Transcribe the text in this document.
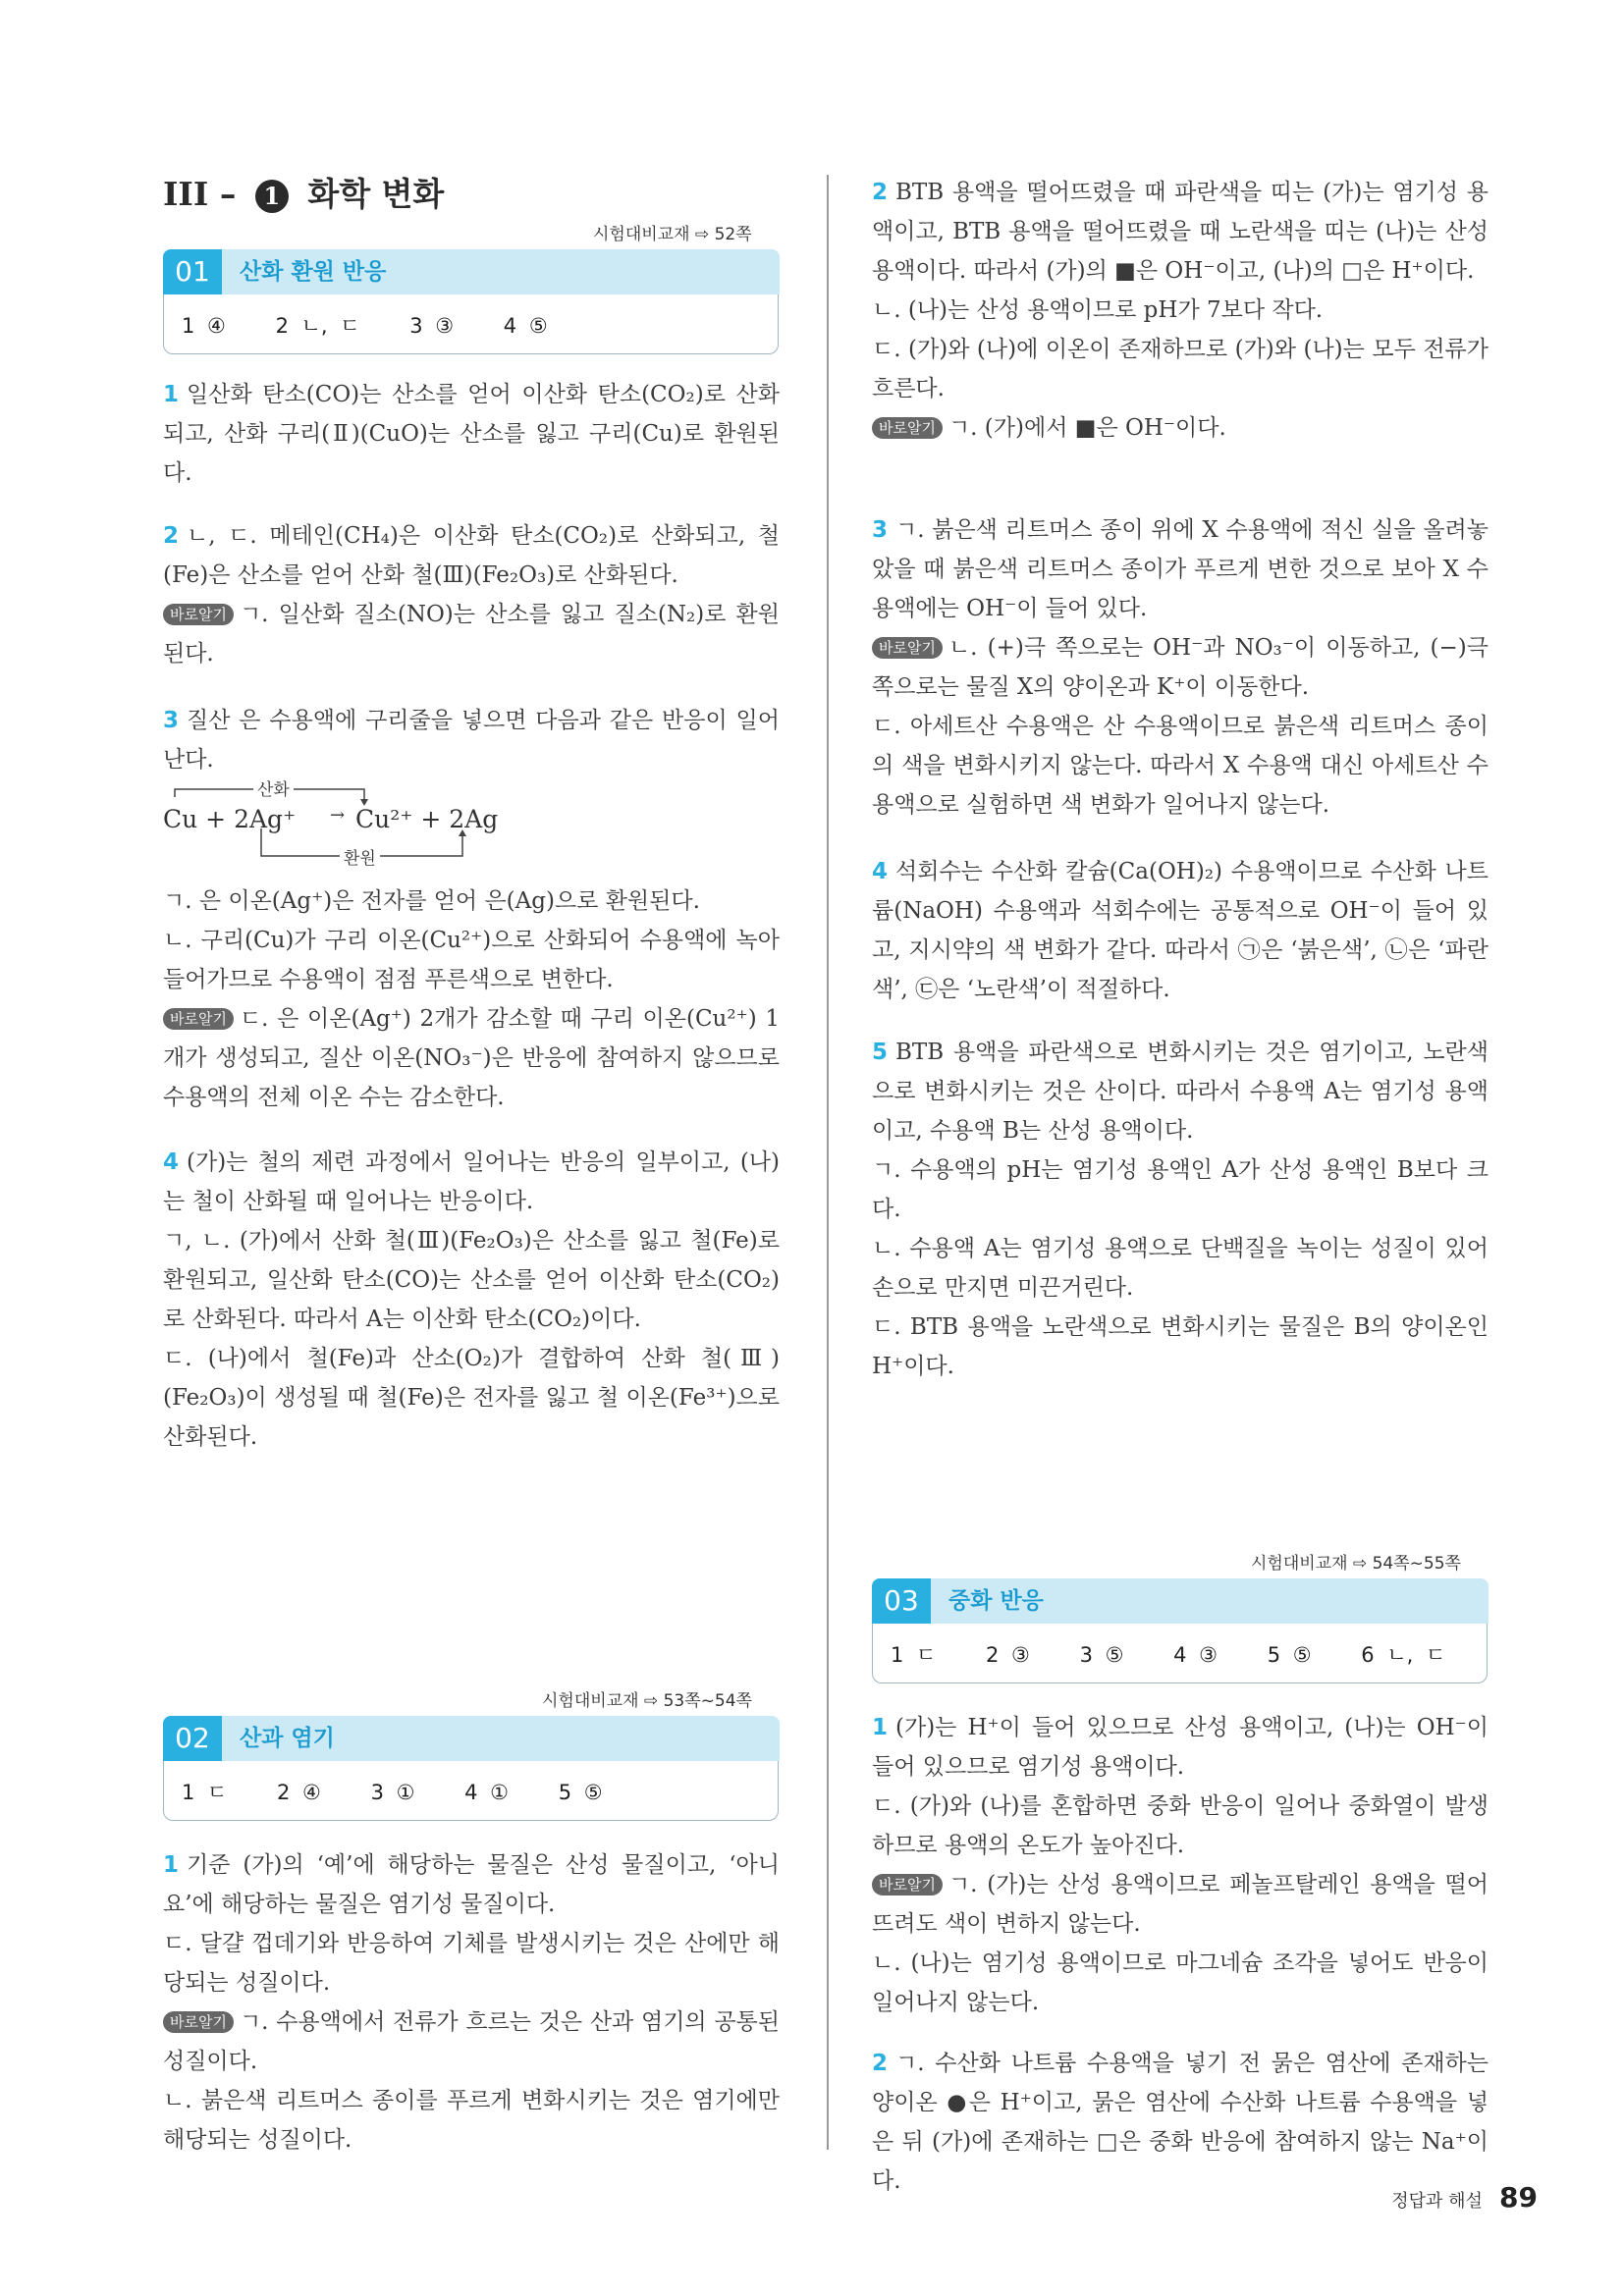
III – 1 화학 변화
시험대비교재 ⇨ 52쪽
01	산화 환원 반응
1 ④    2 ㄴ, ㄷ    3 ③    4 ⑤

1 일산화 탄소(CO)는 산소를 얻어 이산화 탄소(CO₂)로 산화되고, 산화 구리(Ⅱ)(CuO)는 산소를 잃고 구리(Cu)로 환원된다.

2 ㄴ, ㄷ. 메테인(CH₄)은 이산화 탄소(CO₂)로 산화되고, 철(Fe)은 산소를 얻어 산화 철(Ⅲ)(Fe₂O₃)로 산화된다.

바로알기 ㄱ. 일산화 질소(NO)는 산소를 잃고 질소(N₂)로 환원된다.

3 질산 은 수용액에 구리줄을 넣으면 다음과 같은 반응이 일어난다.

산화
환원
Cu + 2Ag⁺ → Cu²⁺ + 2Ag

ㄱ. 은 이온(Ag⁺)은 전자를 얻어 은(Ag)으로 환원된다.

ㄴ. 구리(Cu)가 구리 이온(Cu²⁺)으로 산화되어 수용액에 녹아 들어가므로 수용액이 점점 푸른색으로 변한다.

바로알기 ㄷ. 은 이온(Ag⁺) 2개가 감소할 때 구리 이온(Cu²⁺) 1개가 생성되고, 질산 이온(NO₃⁻)은 반응에 참여하지 않으므로 수용액의 전체 이온 수는 감소한다.

4 (가)는 철의 제련 과정에서 일어나는 반응의 일부이고, (나)는 철이 산화될 때 일어나는 반응이다.

ㄱ, ㄴ. (가)에서 산화 철(Ⅲ)(Fe₂O₃)은 산소를 잃고 철(Fe)로 환원되고, 일산화 탄소(CO)는 산소를 얻어 이산화 탄소(CO₂)로 산화된다. 따라서 A는 이산화 탄소(CO₂)이다.

ㄷ. (나)에서 철(Fe)과 산소(O₂)가 결합하여 산화 철(Ⅲ)(Fe₂O₃)이 생성될 때 철(Fe)은 전자를 잃고 철 이온(Fe³⁺)으로 산화된다.

시험대비교재 ⇨ 53쪽~54쪽
02	산과 염기
1 ㄷ    2 ④    3 ①    4 ①    5 ⑤

1 기준 (가)의 ‘예’에 해당하는 물질은 산성 물질이고, ‘아니요’에 해당하는 물질은 염기성 물질이다.

ㄷ. 달걀 껍데기와 반응하여 기체를 발생시키는 것은 산에만 해당되는 성질이다.

바로알기 ㄱ. 수용액에서 전류가 흐르는 것은 산과 염기의 공통된 성질이다.

ㄴ. 붉은색 리트머스 종이를 푸르게 변화시키는 것은 염기에만 해당되는 성질이다.

2 BTB 용액을 떨어뜨렸을 때 파란색을 띠는 (가)는 염기성 용액이고, BTB 용액을 떨어뜨렸을 때 노란색을 띠는 (나)는 산성 용액이다. 따라서 (가)의 ■은 OH⁻이고, (나)의 □은 H⁺이다.

ㄴ. (나)는 산성 용액이므로 pH가 7보다 작다.

ㄷ. (가)와 (나)에 이온이 존재하므로 (가)와 (나)는 모두 전류가 흐른다.

바로알기 ㄱ. (가)에서 ■은 OH⁻이다.

3 ㄱ. 붉은색 리트머스 종이 위에 X 수용액에 적신 실을 올려놓았을 때 붉은색 리트머스 종이가 푸르게 변한 것으로 보아 X 수용액에는 OH⁻이 들어 있다.

바로알기 ㄴ. (+)극 쪽으로는 OH⁻과 NO₃⁻이 이동하고, (−)극 쪽으로는 물질 X의 양이온과 K⁺이 이동한다.

ㄷ. 아세트산 수용액은 산 수용액이므로 붉은색 리트머스 종이의 색을 변화시키지 않는다. 따라서 X 수용액 대신 아세트산 수용액으로 실험하면 색 변화가 일어나지 않는다.

4 석회수는 수산화 칼슘(Ca(OH)₂) 수용액이므로 수산화 나트륨(NaOH) 수용액과 석회수에는 공통적으로 OH⁻이 들어 있고, 지시약의 색 변화가 같다. 따라서 ㉠은 ‘붉은색’, ㉡은 ‘파란색’, ㉢은 ‘노란색’이 적절하다.

5 BTB 용액을 파란색으로 변화시키는 것은 염기이고, 노란색으로 변화시키는 것은 산이다. 따라서 수용액 A는 염기성 용액이고, 수용액 B는 산성 용액이다.

ㄱ. 수용액의 pH는 염기성 용액인 A가 산성 용액인 B보다 크다.

ㄴ. 수용액 A는 염기성 용액으로 단백질을 녹이는 성질이 있어 손으로 만지면 미끈거린다.

ㄷ. BTB 용액을 노란색으로 변화시키는 물질은 B의 양이온인 H⁺이다.

시험대비교재 ⇨ 54쪽~55쪽
03	중화 반응
1 ㄷ    2 ③    3 ⑤    4 ③    5 ⑤    6 ㄴ, ㄷ

1 (가)는 H⁺이 들어 있으므로 산성 용액이고, (나)는 OH⁻이 들어 있으므로 염기성 용액이다.

ㄷ. (가)와 (나)를 혼합하면 중화 반응이 일어나 중화열이 발생하므로 용액의 온도가 높아진다.

바로알기 ㄱ. (가)는 산성 용액이므로 페놀프탈레인 용액을 떨어뜨려도 색이 변하지 않는다.

ㄴ. (나)는 염기성 용액이므로 마그네슘 조각을 넣어도 반응이 일어나지 않는다.

2 ㄱ. 수산화 나트륨 수용액을 넣기 전 묽은 염산에 존재하는 양이온 ●은 H⁺이고, 묽은 염산에 수산화 나트륨 수용액을 넣은 뒤 (가)에 존재하는 □은 중화 반응에 참여하지 않는 Na⁺이다.

정답과 해설 89
